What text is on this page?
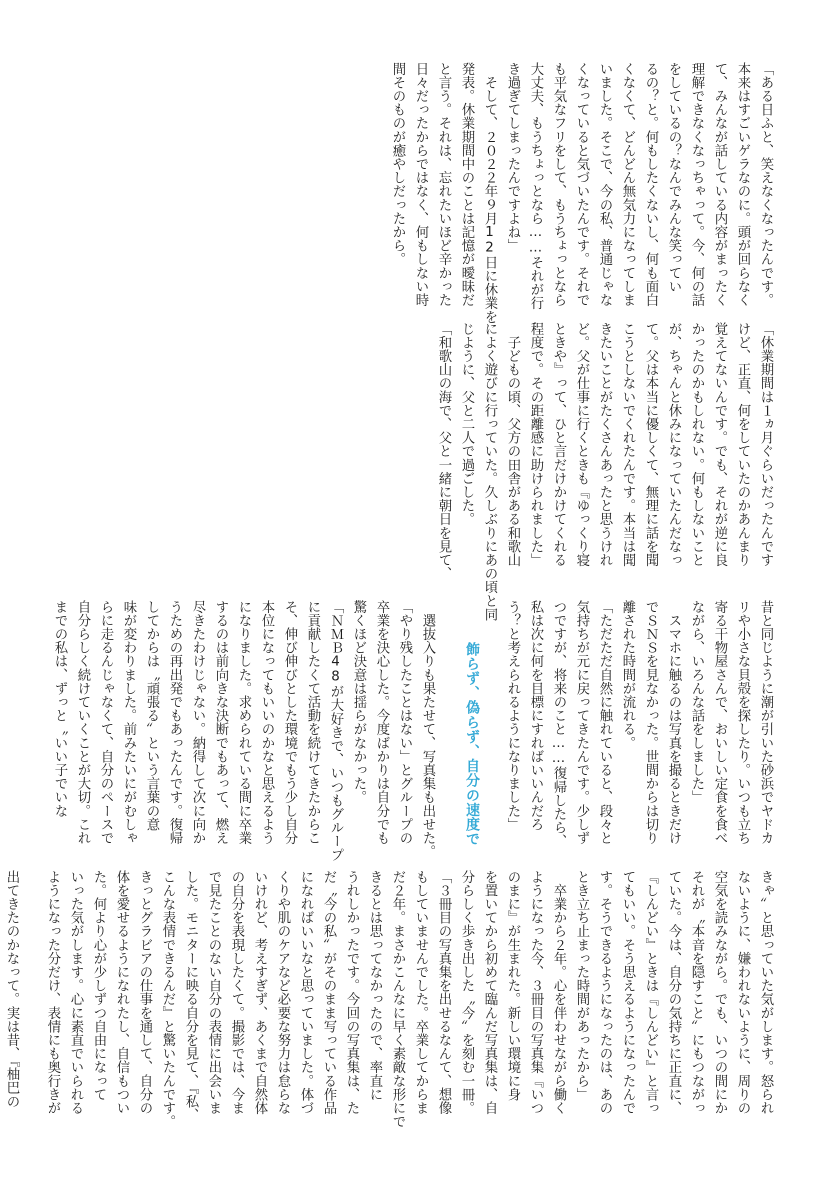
「ある日ふと、笑えなくなったんです。
本来はすごいゲラなのに。頭が回らなく
て、みんなが話している内容がまったく
理解できなくなっちゃって。今、何の話
をしているの？なんでみんな笑ってい
るの？と。何もしたくないし、何も面白
くなくて、どんどん無気力になってしま
いました。そこで、今の私、普通じゃな
くなっていると気づいたんです。それで
も平気なフリをして、もうちょっとなら
大丈夫、もうちょっとなら……それが行
き過ぎてしまったんですよね」
　そして、２０２２年９月12日に休業を
発表。休業期間中のことは記憶が曖昧だ
と言う。それは、忘れたいほど辛かった
日々だったからではなく、何もしない時
間そのものが癒やしだったから。
「休業期間は１ヵ月ぐらいだったんです
けど、正直、何をしていたのかあんまり
覚えてないんです。でも、それが逆に良
かったのかもしれない。何もしないこと
が、ちゃんと休みになっていたんだなっ
て。父は本当に優しくて、無理に話を聞
こうとしないでくれたんです。本当は聞
きたいことがたくさんあったと思うけれ
ど。父が仕事に行くときも『ゆっくり寝
ときや』って、ひと言だけかけてくれる
程度で。その距離感に助けられました」
　子どもの頃、父方の田舎がある和歌山
によく遊びに行っていた。久しぶりにあの頃と同
じように、父と二人で過ごした。
「和歌山の海で、父と一緒に朝日を見て、
昔と同じように潮が引いた砂浜でヤドカ
リや小さな貝殻を探したり。いつも立ち
寄る干物屋さんで、おいしい定食を食べ
ながら、いろんな話をしました」
　スマホに触るのは写真を撮るときだけ
でＳＮＳを見なかった。世間からは切り
離された時間が流れる。
「ただただ自然に触れていると、段々と
気持ちが元に戻ってきたんです。少しず
つですが、将来のこと……復帰したら、
私は次に何を目標にすればいいんだろ
う？と考えられるようになりました」
飾らず、偽らず、自分の速度で
　選抜入りも果たせて、写真集も出せた。
「やり残したことはない」とグループの
卒業を決心した。今度ばかりは自分でも
驚くほど決意は揺らがなかった。
「ＮＭＢ48が大好きで、いつもグループ
に貢献したくて活動を続けてきたからこ
そ、伸び伸びとした環境でもう少し自分
本位になってもいいのかなと思えるよう
になりました。求められている間に卒業
するのは前向きな決断でもあって、燃え
尽きたわけじゃない。納得して次に向か
うための再出発でもあったんです。復帰
してからは〝頑張る〟という言葉の意
味が変わりました。前みたいにがむしゃ
らに走るんじゃなくて、自分のペースで
自分らしく続けていくことが大切。これ
までの私は、ずっと〝いい子でいな
きゃ〟と思っていた気がします。怒られ
ないように、嫌われないように、周りの
空気を読みながら。でも、いつの間にか
それが〝本音を隠すこと〟にもつながっ
ていた。今は、自分の気持ちに正直に、
『しんどい』ときは『しんどい』と言っ
てもいい。そう思えるようになったんで
す。そうできるようになったのは、あの
とき立ち止まった時間があったから」
　卒業から２年。心を伴わせながら働く
ようになった今、３冊目の写真集『いつ
のまに』が生まれた。新しい環境に身
を置いてから初めて臨んだ写真集は、自
分らしく歩き出した〝今〟を刻む一冊。
「３冊目の写真集を出せるなんて、想像
もしていませんでした。卒業してからま
だ２年。まさかこんなに早く素敵な形にで
きるとは思ってなかったので、率直に
うれしかったです。今回の写真集は、た
だ〝今の私〟がそのまま写っている作品
になればいいなと思っていました。体づ
くりや肌のケアなど必要な努力は怠らな
いけれど、考えすぎず、あくまで自然体
の自分を表現したくて。撮影では、今ま
で見たことのない自分の表情に出会いま
した。モニターに映る自分を見て、『私、
こんな表情できるんだ』と驚いたんです。
きっとグラビアの仕事を通して、自分の
体を愛せるようになれたし、自信もつい
た。何より心が少しずつ自由になって
いった気がします。心に素直でいられる
ようになった分だけ、表情にも奥行きが
出てきたのかなって。実は昔、『柚巴の
